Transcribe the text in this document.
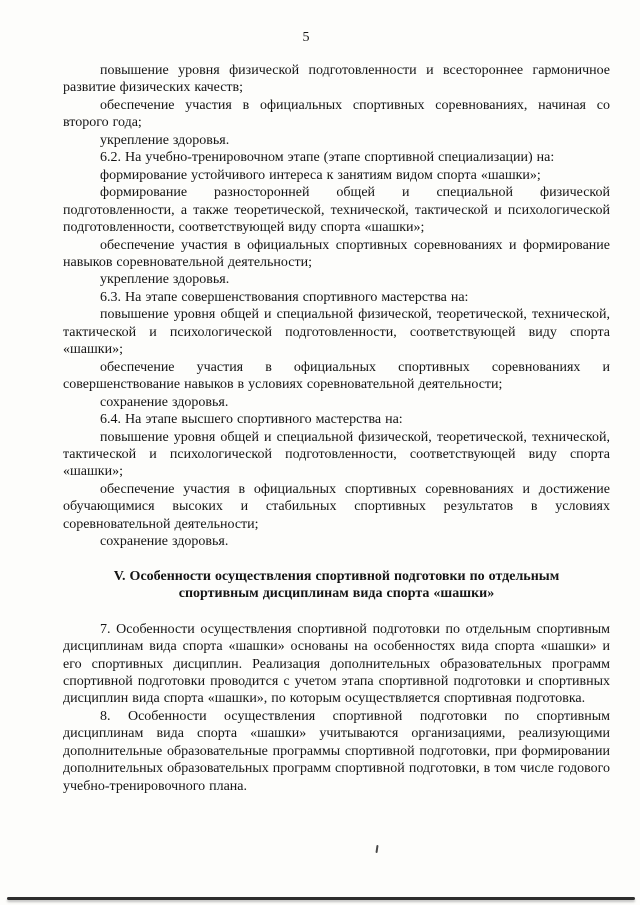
5

повышение уровня физической подготовленности и всестороннее гармоничное развитие физических качеств;

обеспечение участия в официальных спортивных соревнованиях, начиная со второго года;

укрепление здоровья.

6.2. На учебно-тренировочном этапе (этапе спортивной специализации) на:

формирование устойчивого интереса к занятиям видом спорта «шашки»;

формирование разносторонней общей и специальной физической подготовленности, а также теоретической, технической, тактической и психологической подготовленности, соответствующей виду спорта «шашки»;

обеспечение участия в официальных спортивных соревнованиях и формирование навыков соревновательной деятельности;

укрепление здоровья.

6.3. На этапе совершенствования спортивного мастерства на:

повышение уровня общей и специальной физической, теоретической, технической, тактической и психологической подготовленности, соответствующей виду спорта «шашки»;

обеспечение участия в официальных спортивных соревнованиях и совершенствование навыков в условиях соревновательной деятельности;

сохранение здоровья.

6.4. На этапе высшего спортивного мастерства на:

повышение уровня общей и специальной физической, теоретической, технической, тактической и психологической подготовленности, соответствующей виду спорта «шашки»;

обеспечение участия в официальных спортивных соревнованиях и достижение обучающимися высоких и стабильных спортивных результатов в условиях соревновательной деятельности;

сохранение здоровья.

V. Особенности осуществления спортивной подготовки по отдельным спортивным дисциплинам вида спорта «шашки»

7. Особенности осуществления спортивной подготовки по отдельным спортивным дисциплинам вида спорта «шашки» основаны на особенностях вида спорта «шашки» и его спортивных дисциплин. Реализация дополнительных образовательных программ спортивной подготовки проводится с учетом этапа спортивной подготовки и спортивных дисциплин вида спорта «шашки», по которым осуществляется спортивная подготовка.

8. Особенности осуществления спортивной подготовки по спортивным дисциплинам вида спорта «шашки» учитываются организациями, реализующими дополнительные образовательные программы спортивной подготовки, при формировании дополнительных образовательных программ спортивной подготовки, в том числе годового учебно-тренировочного плана.
